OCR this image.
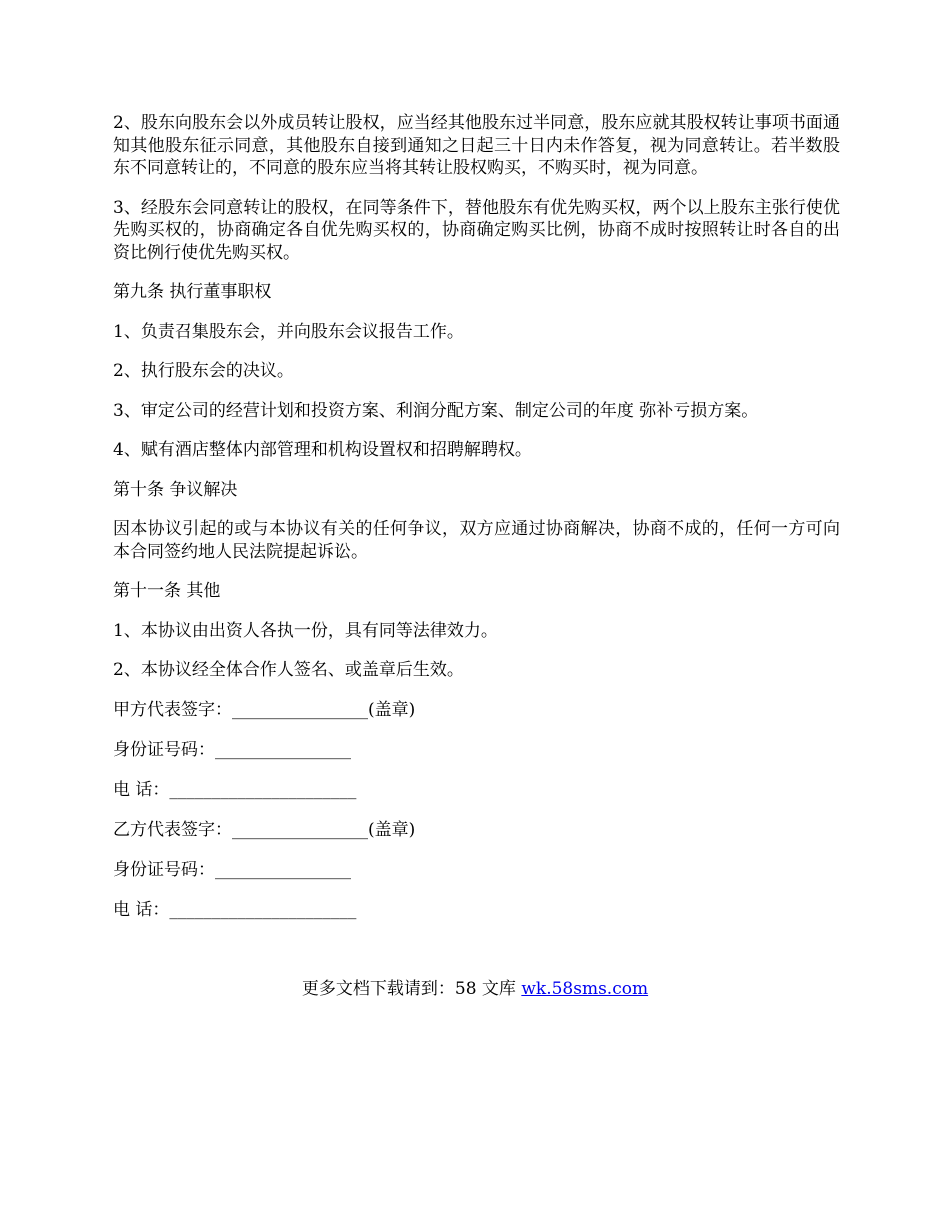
2、股东向股东会以外成员转让股权，应当经其他股东过半同意，股东应就其股权转让事项书面通知其他股东征示同意，其他股东自接到通知之日起三十日内未作答复，视为同意转让。若半数股东不同意转让的，不同意的股东应当将其转让股权购买，不购买时，视为同意。

3、经股东会同意转让的股权，在同等条件下，替他股东有优先购买权，两个以上股东主张行使优先购买权的，协商确定各自优先购买权的，协商确定购买比例，协商不成时按照转让时各自的出资比例行使优先购买权。

第九条 执行董事职权

1、负责召集股东会，并向股东会议报告工作。

2、执行股东会的决议。

3、审定公司的经营计划和投资方案、利润分配方案、制定公司的年度 弥补亏损方案。

4、赋有酒店整体内部管理和机构设置权和招聘解聘权。

第十条 争议解决

因本协议引起的或与本协议有关的任何争议，双方应通过协商解决，协商不成的，任何一方可向本合同签约地人民法院提起诉讼。

第十一条 其他

1、本协议由出资人各执一份，具有同等法律效力。

2、本协议经全体合作人签名、或盖章后生效。

甲方代表签字：________________(盖章)

身份证号码：________________

电 话：______________________

乙方代表签字：________________(盖章)

身份证号码：________________

电 话：______________________

更多文档下载请到：58 文库 wk.58sms.com
